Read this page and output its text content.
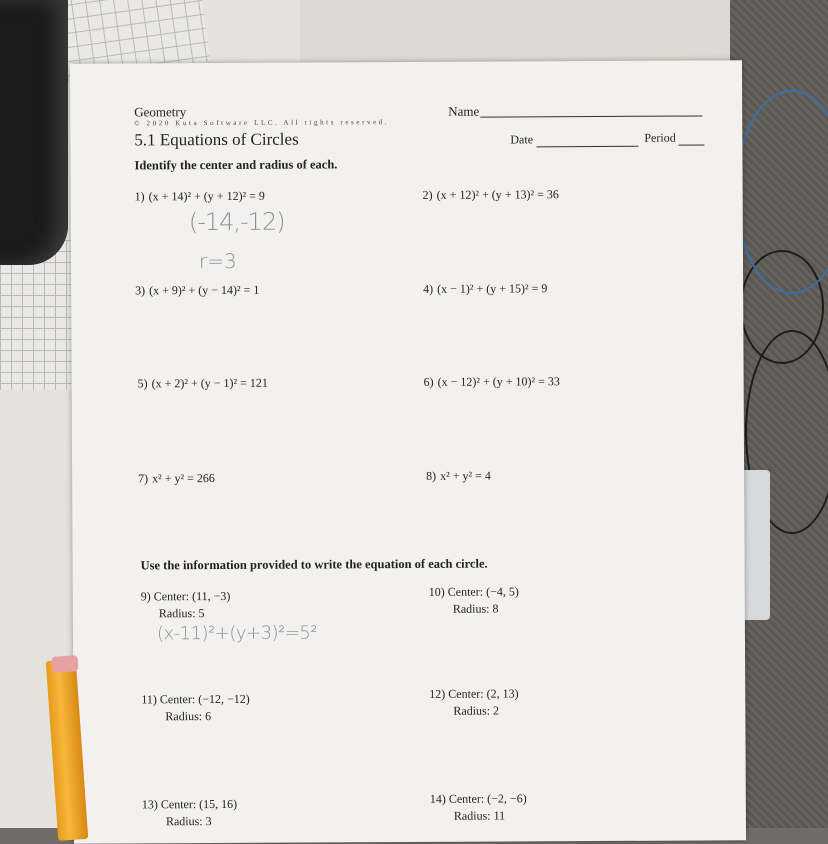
Geometry
© 2020 Kuta Software LLC. All rights reserved.
5.1 Equations of Circles
Name
Date	Period
Identify the center and radius of each.
1) (x + 14)² + (y + 12)² = 9	2) (x + 12)² + (y + 13)² = 36
3) (x + 9)² + (y − 14)² = 1	4) (x − 1)² + (y + 15)² = 9
5) (x + 2)² + (y − 1)² = 121	6) (x − 12)² + (y + 10)² = 33
7) x² + y² = 266	8) x² + y² = 4
Use the information provided to write the equation of each circle.
9) Center: (11, −3)
Radius: 5
10) Center: (−4, 5)
Radius: 8
11) Center: (−12, −12)
Radius: 6
12) Center: (2, 13)
Radius: 2
13) Center: (15, 16)
Radius: 3
14) Center: (−2, −6)
Radius: 11
(-14,-12)
r=3
(x-11)²+(y+3)²=5²
